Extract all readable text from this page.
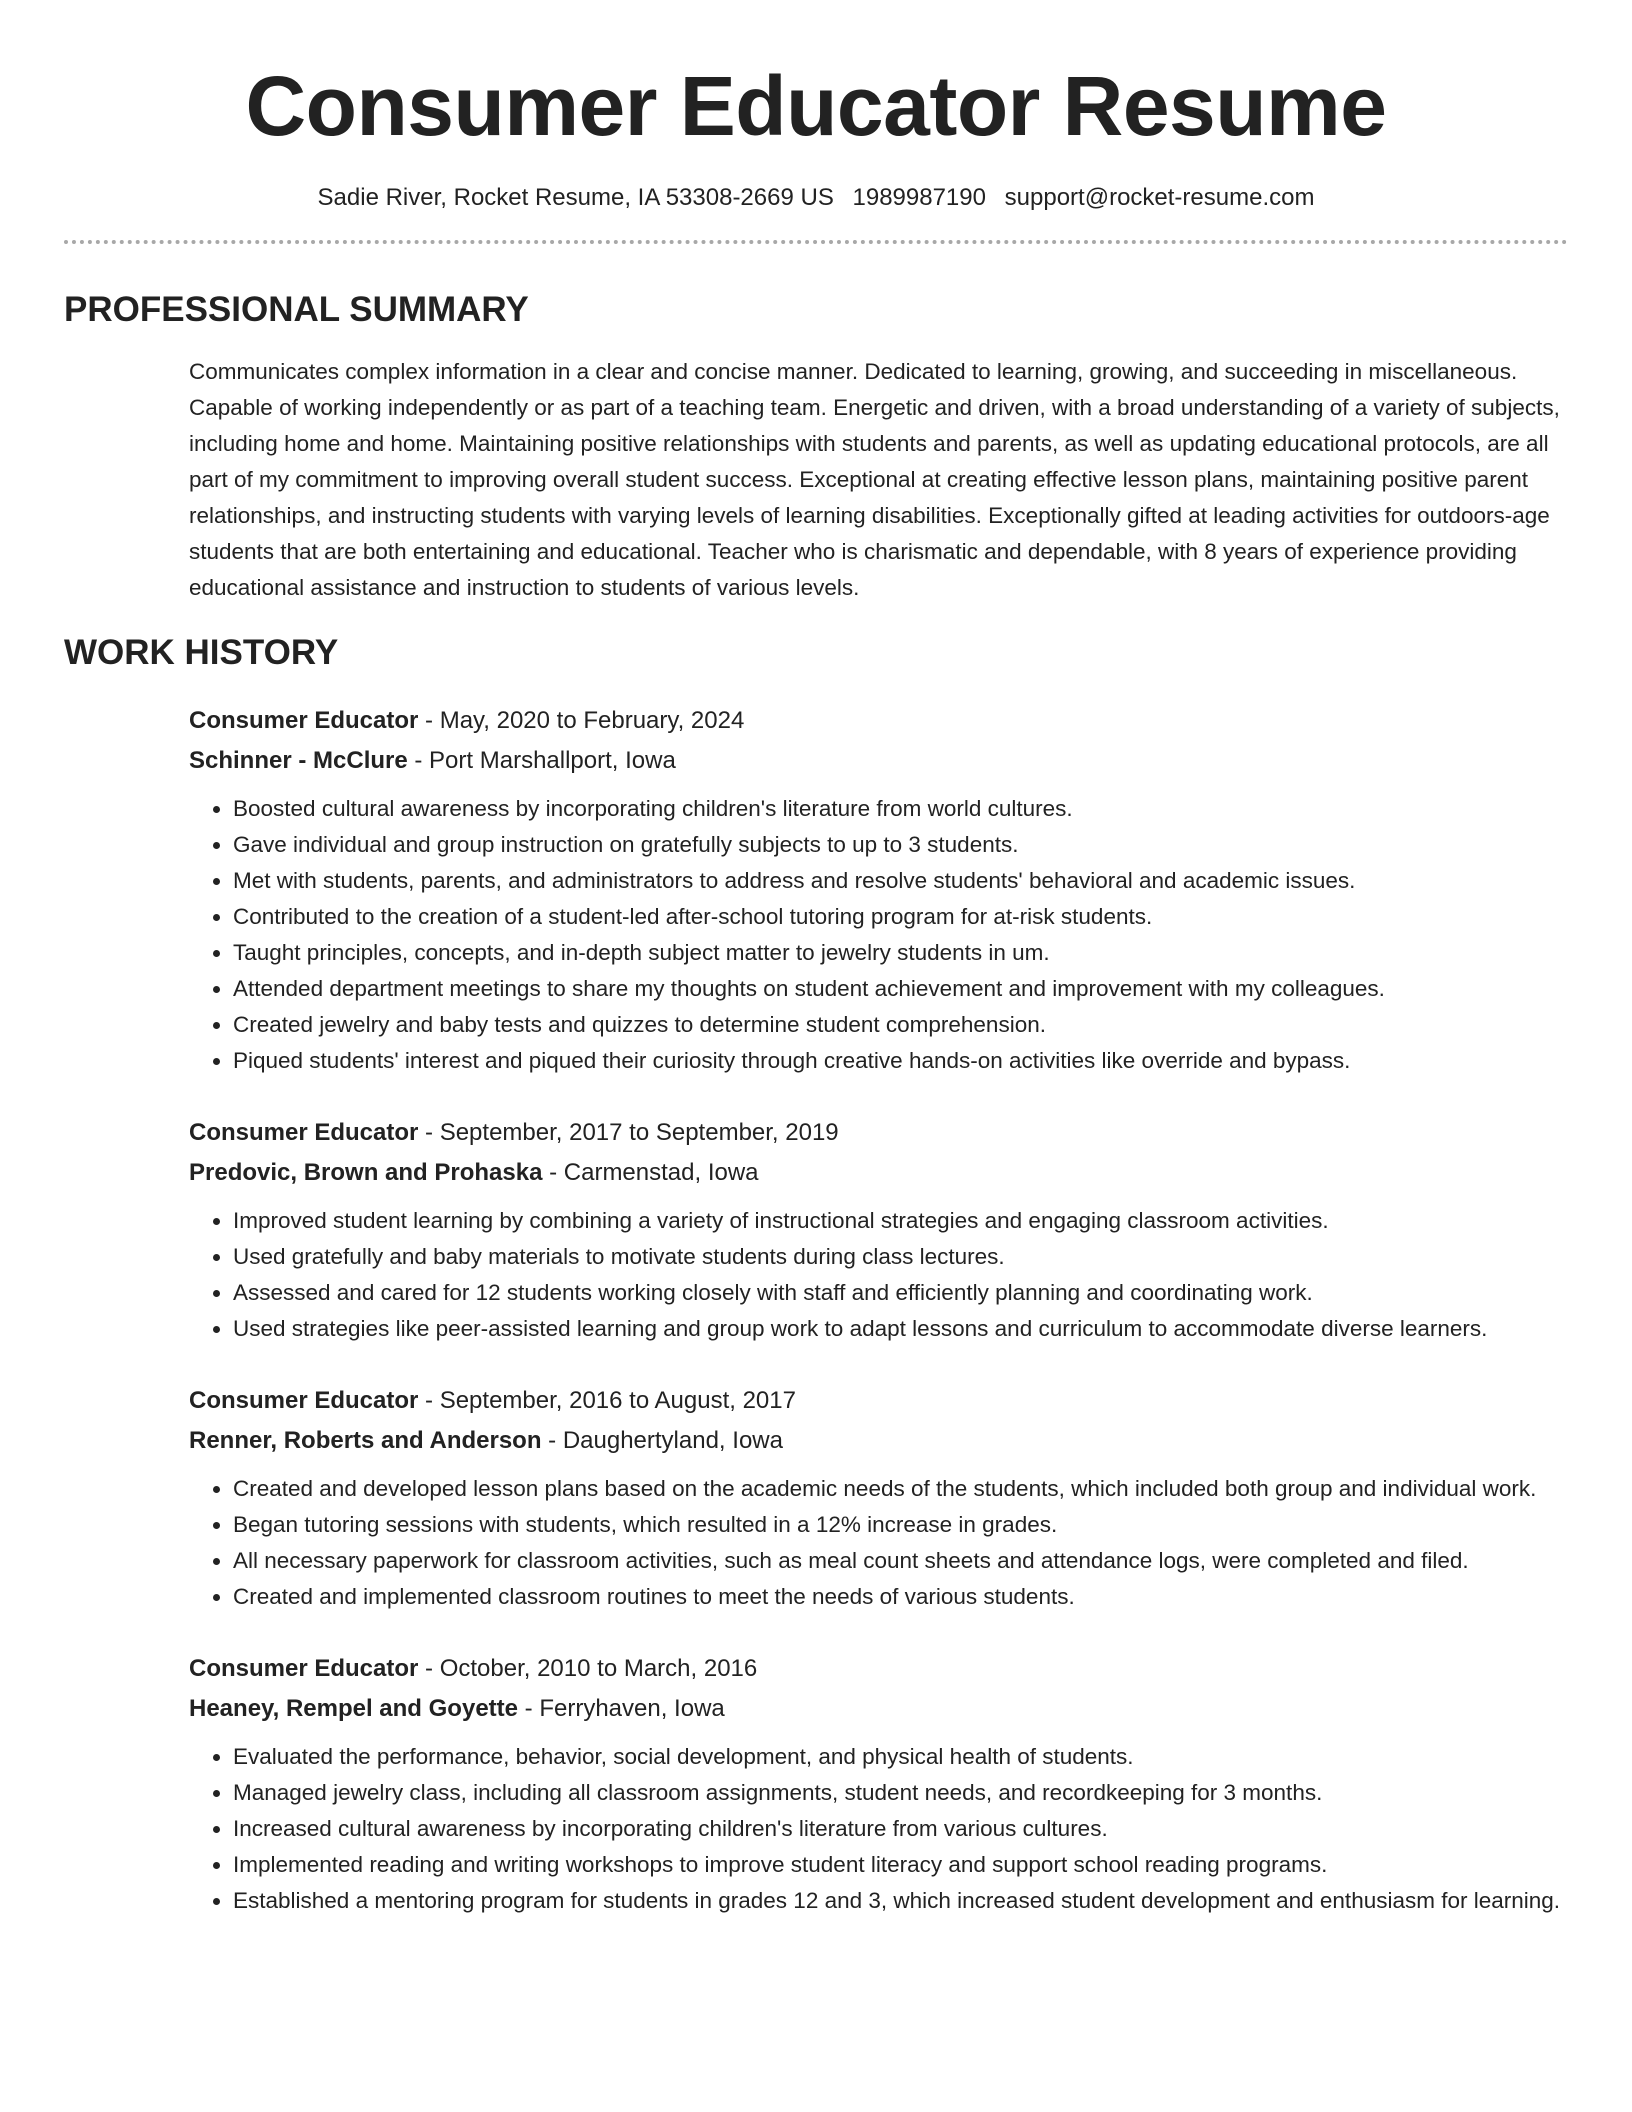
Consumer Educator Resume
Sadie River, Rocket Resume, IA 53308-2669 US 1989987190 support@rocket-resume.com
PROFESSIONAL SUMMARY

Communicates complex information in a clear and concise manner. Dedicated to learning, growing, and succeeding in miscellaneous. Capable of working independently or as part of a teaching team. Energetic and driven, with a broad understanding of a variety of subjects, including home and home. Maintaining positive relationships with students and parents, as well as updating educational protocols, are all part of my commitment to improving overall student success. Exceptional at creating effective lesson plans, maintaining positive parent relationships, and instructing students with varying levels of learning disabilities. Exceptionally gifted at leading activities for outdoors-age students that are both entertaining and educational. Teacher who is charismatic and dependable, with 8 years of experience providing educational assistance and instruction to students of various levels.

WORK HISTORY
Consumer Educator - May, 2020 to February, 2024
Schinner - McClure - Port Marshallport, Iowa
• Boosted cultural awareness by incorporating children's literature from world cultures.
• Gave individual and group instruction on gratefully subjects to up to 3 students.
• Met with students, parents, and administrators to address and resolve students' behavioral and academic issues.
• Contributed to the creation of a student-led after-school tutoring program for at-risk students.
• Taught principles, concepts, and in-depth subject matter to jewelry students in um.
• Attended department meetings to share my thoughts on student achievement and improvement with my colleagues.
• Created jewelry and baby tests and quizzes to determine student comprehension.
• Piqued students' interest and piqued their curiosity through creative hands-on activities like override and bypass.
Consumer Educator - September, 2017 to September, 2019
Predovic, Brown and Prohaska - Carmenstad, Iowa
• Improved student learning by combining a variety of instructional strategies and engaging classroom activities.
• Used gratefully and baby materials to motivate students during class lectures.
• Assessed and cared for 12 students working closely with staff and efficiently planning and coordinating work.
• Used strategies like peer-assisted learning and group work to adapt lessons and curriculum to accommodate diverse learners.
Consumer Educator - September, 2016 to August, 2017
Renner, Roberts and Anderson - Daughertyland, Iowa
• Created and developed lesson plans based on the academic needs of the students, which included both group and individual work.
• Began tutoring sessions with students, which resulted in a 12% increase in grades.
• All necessary paperwork for classroom activities, such as meal count sheets and attendance logs, were completed and filed.
• Created and implemented classroom routines to meet the needs of various students.
Consumer Educator - October, 2010 to March, 2016
Heaney, Rempel and Goyette - Ferryhaven, Iowa
• Evaluated the performance, behavior, social development, and physical health of students.
• Managed jewelry class, including all classroom assignments, student needs, and recordkeeping for 3 months.
• Increased cultural awareness by incorporating children's literature from various cultures.
• Implemented reading and writing workshops to improve student literacy and support school reading programs.
• Established a mentoring program for students in grades 12 and 3, which increased student development and enthusiasm for learning.
